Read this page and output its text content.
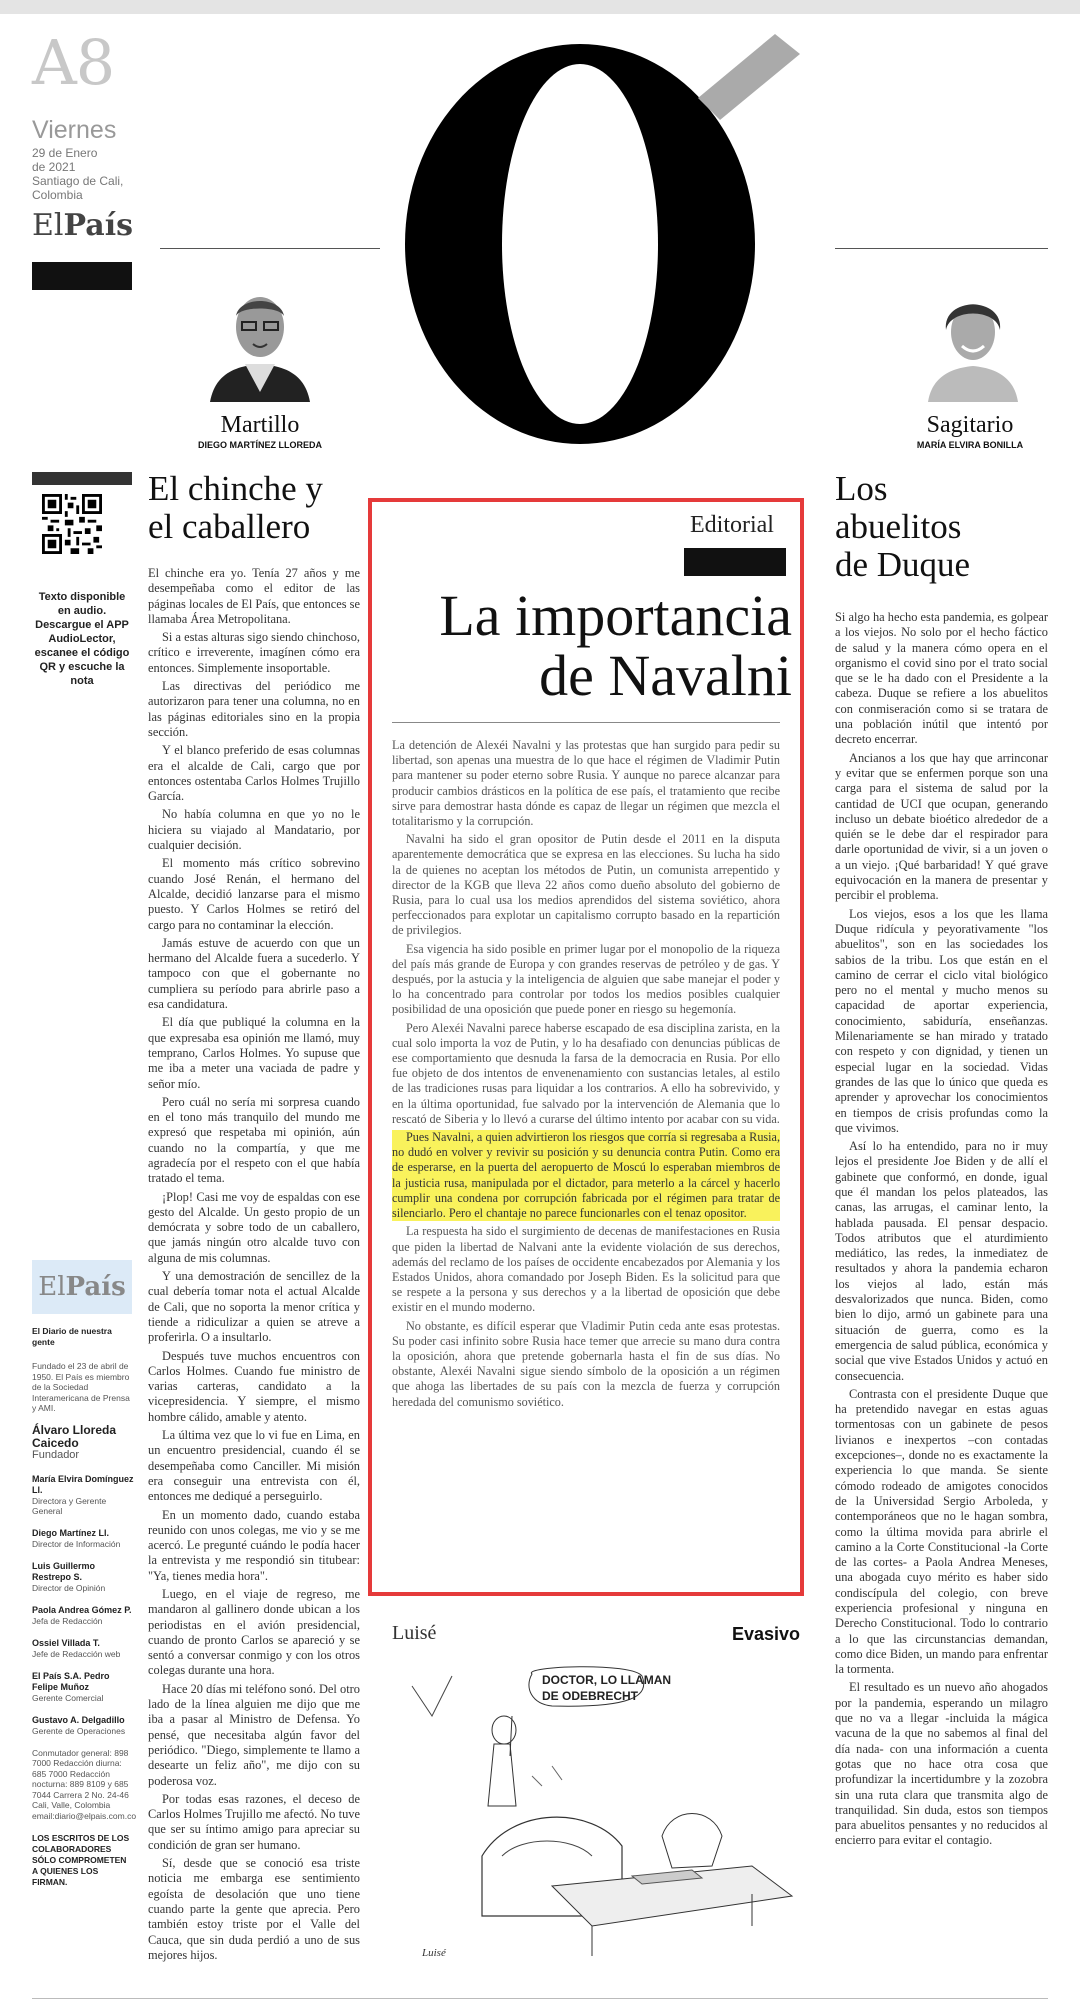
A8
Viernes
29 de Enero
de 2021
Santiago de Cali,
Colombia
ElPaís
Martillo
DIEGO MARTÍNEZ LLOREDA
Sagitario
MARÍA ELVIRA BONILLA
Texto disponible en audio. Descargue el APP AudioLector, escanee el código QR y escuche la nota
ElPaís
El Diario de nuestra gente
Fundado el 23 de abril de 1950. El País es miembro de la Sociedad Interamericana de Prensa y AMI.
Álvaro Lloreda Caicedo
Fundador
María Elvira Domínguez Ll.
Directora y Gerente General
Diego Martínez Ll.
Director de Información
Luis Guillermo Restrepo S.
Director de Opinión
Paola Andrea Gómez P.
Jefa de Redacción
Ossiel Villada T.
Jefe de Redacción web
El País S.A. Pedro Felipe Muñoz
Gerente Comercial
Gustavo A. Delgadillo
Gerente de Operaciones
Conmutador general: 898 7000 Redacción diurna: 685 7000 Redacción nocturna: 889 8109 y 685 7044 Carrera 2 No. 24-46 Cali, Valle, Colombia email:diario@elpais.com.co
LOS ESCRITOS DE LOS COLABORADORES SÓLO COMPROMETEN A QUIENES LOS FIRMAN.
El chinche y
el caballero

El chinche era yo. Tenía 27 años y me desempeñaba como el editor de las páginas locales de El País, que entonces se llamaba Área Metropolitana.

Si a estas alturas sigo siendo chinchoso, crítico e irreverente, imagínen cómo era entonces. Simplemente insoportable.

Las directivas del periódico me autorizaron para tener una columna, no en las páginas editoriales sino en la propia sección.

Y el blanco preferido de esas columnas era el alcalde de Cali, cargo que por entonces ostentaba Carlos Holmes Trujillo García.

No había columna en que yo no le hiciera su viajado al Mandatario, por cualquier decisión.

El momento más crítico sobrevino cuando José Renán, el hermano del Alcalde, decidió lanzarse para el mismo puesto. Y Carlos Holmes se retiró del cargo para no contaminar la elección.

Jamás estuve de acuerdo con que un hermano del Alcalde fuera a sucederlo. Y tampoco con que el gobernante no cumpliera su período para abrirle paso a esa candidatura.

El día que publiqué la columna en la que expresaba esa opinión me llamó, muy temprano, Carlos Holmes. Yo supuse que me iba a meter una vaciada de padre y señor mío.

Pero cuál no sería mi sorpresa cuando en el tono más tranquilo del mundo me expresó que respetaba mi opinión, aún cuando no la compartía, y que me agradecía por el respeto con el que había tratado el tema.

¡Plop! Casi me voy de espaldas con ese gesto del Alcalde. Un gesto propio de un demócrata y sobre todo de un caballero, que jamás ningún otro alcalde tuvo con alguna de mis columnas.

Y una demostración de sencillez de la cual debería tomar nota el actual Alcalde de Cali, que no soporta la menor crítica y tiende a ridiculizar a quien se atreve a proferirla. O a insultarlo.

Después tuve muchos encuentros con Carlos Holmes. Cuando fue ministro de varias carteras, candidato a la vicepresidencia. Y siempre, el mismo hombre cálido, amable y atento.

La última vez que lo vi fue en Lima, en un encuentro presidencial, cuando él se desempeñaba como Canciller. Mi misión era conseguir una entrevista con él, entonces me dediqué a perseguirlo.

En un momento dado, cuando estaba reunido con unos colegas, me vio y se me acercó. Le pregunté cuándo le podía hacer la entrevista y me respondió sin titubear: "Ya, tienes media hora".

Luego, en el viaje de regreso, me mandaron al gallinero donde ubican a los periodistas en el avión presidencial, cuando de pronto Carlos se apareció y se sentó a conversar conmigo y con los otros colegas durante una hora.

Hace 20 días mi teléfono sonó. Del otro lado de la línea alguien me dijo que me iba a pasar al Ministro de Defensa. Yo pensé, que necesitaba algún favor del periódico. "Diego, simplemente te llamo a desearte un feliz año", me dijo con su poderosa voz.

Por todas esas razones, el deceso de Carlos Holmes Trujillo me afectó. No tuve que ser su íntimo amigo para apreciar su condición de gran ser humano.

Sí, desde que se conoció esa triste noticia me embarga ese sentimiento egoísta de desolación que uno tiene cuando parte la gente que aprecia. Pero también estoy triste por el Valle del Cauca, que sin duda perdió a uno de sus mejores hijos.

Editorial
La importancia
de Navalni

La detención de Alexéi Navalni y las protestas que han surgido para pedir su libertad, son apenas una muestra de lo que hace el régimen de Vladimir Putin para mantener su poder eterno sobre Rusia. Y aunque no parece alcanzar para producir cambios drásticos en la política de ese país, el tratamiento que recibe sirve para demostrar hasta dónde es capaz de llegar un régimen que mezcla el totalitarismo y la corrupción.

Navalni ha sido el gran opositor de Putin desde el 2011 en la disputa aparentemente democrática que se expresa en las elecciones. Su lucha ha sido la de quienes no aceptan los métodos de Putin, un comunista arrepentido y director de la KGB que lleva 22 años como dueño absoluto del gobierno de Rusia, para lo cual usa los medios aprendidos del sistema soviético, ahora perfeccionados para explotar un capitalismo corrupto basado en la repartición de privilegios.

Esa vigencia ha sido posible en primer lugar por el monopolio de la riqueza del país más grande de Europa y con grandes reservas de petróleo y de gas. Y después, por la astucia y la inteligencia de alguien que sabe manejar el poder y lo ha concentrado para controlar por todos los medios posibles cualquier posibilidad de una oposición que puede poner en riesgo su hegemonía.

Pero Alexéi Navalni parece haberse escapado de esa disciplina zarista, en la cual solo importa la voz de Putin, y lo ha desafiado con denuncias públicas de ese comportamiento que desnuda la farsa de la democracia en Rusia. Por ello fue objeto de dos intentos de envenenamiento con sustancias letales, al estilo de las tradiciones rusas para liquidar a los contrarios. A ello ha sobrevivido, y en la última oportunidad, fue salvado por la intervención de Alemania que lo rescató de Siberia y lo llevó a curarse del último intento por acabar con su vida.

Pues Navalni, a quien advirtieron los riesgos que corría si regresaba a Rusia, no dudó en volver y revivir su posición y su denuncia contra Putin. Como era de esperarse, en la puerta del aeropuerto de Moscú lo esperaban miembros de la justicia rusa, manipulada por el dictador, para meterlo a la cárcel y hacerlo cumplir una condena por corrupción fabricada por el régimen para tratar de silenciarlo. Pero el chantaje no parece funcionarles con el tenaz opositor.

La respuesta ha sido el surgimiento de decenas de manifestaciones en Rusia que piden la libertad de Nalvani ante la evidente violación de sus derechos, además del reclamo de los países de occidente encabezados por Alemania y los Estados Unidos, ahora comandado por Joseph Biden. Es la solicitud para que se respete a la persona y sus derechos y a la libertad de oposición que debe existir en el mundo moderno.

No obstante, es difícil esperar que Vladimir Putin ceda ante esas protestas. Su poder casi infinito sobre Rusia hace temer que arrecie su mano dura contra la oposición, ahora que pretende gobernarla hasta el fin de sus días. No obstante, Alexéi Navalni sigue siendo símbolo de la oposición a un régimen que ahoga las libertades de su país con la mezcla de fuerza y corrupción heredada del comunismo soviético.

Luisé	Evasivo
DOCTOR, LO LLAMAN
DE ODEBRECHT
Luisé
Los
abuelitos
de Duque

Si algo ha hecho esta pandemia, es golpear a los viejos. No solo por el hecho fáctico de salud y la manera cómo opera en el organismo el covid sino por el trato social que se le ha dado con el Presidente a la cabeza. Duque se refiere a los abuelitos con conmiseración como si se tratara de una población inútil que intentó por decreto encerrar.

Ancianos a los que hay que arrinconar y evitar que se enfermen porque son una carga para el sistema de salud por la cantidad de UCI que ocupan, generando incluso un debate bioético alrededor de a quién se le debe dar el respirador para darle oportunidad de vivir, si a un joven o a un viejo. ¡Qué barbaridad! Y qué grave equivocación en la manera de presentar y percibir el problema.

Los viejos, esos a los que les llama Duque ridícula y peyorativamente "los abuelitos", son en las sociedades los sabios de la tribu. Los que están en el camino de cerrar el ciclo vital biológico pero no el mental y mucho menos su capacidad de aportar experiencia, conocimiento, sabiduría, enseñanzas. Milenariamente se han mirado y tratado con respeto y con dignidad, y tienen un especial lugar en la sociedad. Vidas grandes de las que lo único que queda es aprender y aprovechar los conocimientos en tiempos de crisis profundas como la que vivimos.

Así lo ha entendido, para no ir muy lejos el presidente Joe Biden y de allí el gabinete que conformó, en donde, igual que él mandan los pelos plateados, las canas, las arrugas, el caminar lento, la hablada pausada. El pensar despacio. Todos atributos que el aturdimiento mediático, las redes, la inmediatez de resultados y ahora la pandemia echaron los viejos al lado, están más desvalorizados que nunca. Biden, como bien lo dijo, armó un gabinete para una situación de guerra, como es la emergencia de salud pública, económica y social que vive Estados Unidos y actuó en consecuencia.

Contrasta con el presidente Duque que ha pretendido navegar en estas aguas tormentosas con un gabinete de pesos livianos e inexpertos –con contadas excepciones–, donde no es exactamente la experiencia lo que manda. Se siente cómodo rodeado de amigotes conocidos de la Universidad Sergio Arboleda, y contemporáneos que no le hagan sombra, como la última movida para abrirle el camino a la Corte Constitucional -la Corte de las cortes- a Paola Andrea Meneses, una abogada cuyo mérito es haber sido condiscípula del colegio, con breve experiencia profesional y ninguna en Derecho Constitucional. Todo lo contrario a lo que las circunstancias demandan, como dice Biden, un mando para enfrentar la tormenta.

El resultado es un nuevo año ahogados por la pandemia, esperando un milagro que no va a llegar -incluida la mágica vacuna de la que no sabemos al final del día nada- con una información a cuenta gotas que no hace otra cosa que profundizar la incertidumbre y la zozobra sin una ruta clara que transmita algo de tranquilidad. Sin duda, estos son tiempos para abuelitos pensantes y no reducidos al encierro para evitar el contagio.
